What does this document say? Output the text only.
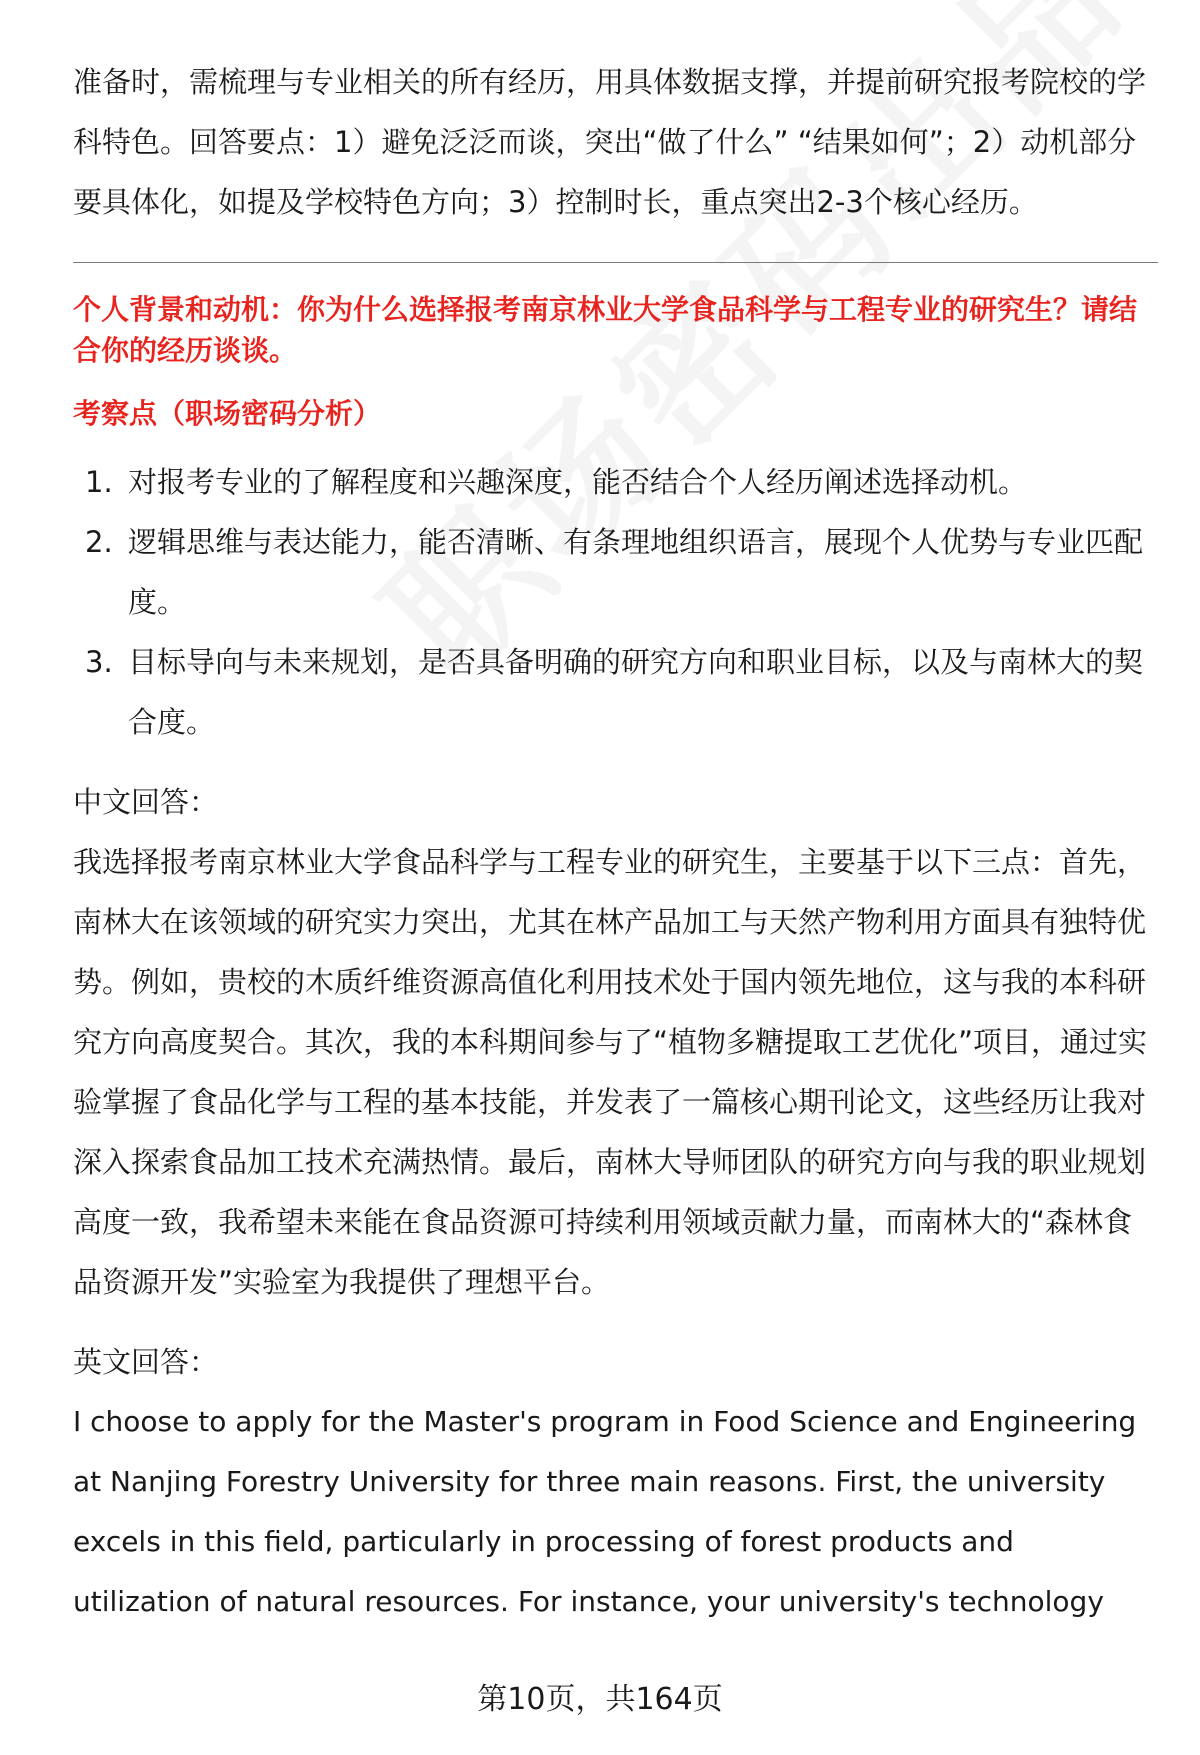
准备时，需梳理与专业相关的所有经历，用具体数据支撑，并提前研究报考院校的学科特色。回答要点：1）避免泛泛而谈，突出“做了什么” “结果如何”；2）动机部分要具体化，如提及学校特色方向；3）控制时长，重点突出2-3个核心经历。

个人背景和动机：你为什么选择报考南京林业大学食品科学与工程专业的研究生？请结合你的经历谈谈。

考察点（职场密码分析）

1. 对报考专业的了解程度和兴趣深度，能否结合个人经历阐述选择动机。
2. 逻辑思维与表达能力，能否清晰、有条理地组织语言，展现个人优势与专业匹配度。
3. 目标导向与未来规划，是否具备明确的研究方向和职业目标，以及与南林大的契合度。

中文回答：

我选择报考南京林业大学食品科学与工程专业的研究生，主要基于以下三点：首先，南林大在该领域的研究实力突出，尤其在林产品加工与天然产物利用方面具有独特优势。例如，贵校的木质纤维资源高值化利用技术处于国内领先地位，这与我的本科研究方向高度契合。其次，我的本科期间参与了“植物多糖提取工艺优化”项目，通过实验掌握了食品化学与工程的基本技能，并发表了一篇核心期刊论文，这些经历让我对深入探索食品加工技术充满热情。最后，南林大导师团队的研究方向与我的职业规划高度一致，我希望未来能在食品资源可持续利用领域贡献力量，而南林大的“森林食品资源开发”实验室为我提供了理想平台。

英文回答：

I choose to apply for the Master's program in Food Science and Engineering

at Nanjing Forestry University for three main reasons. First, the university

excels in this field, particularly in processing of forest products and

utilization of natural resources. For instance, your university's technology

第10页，共164页
